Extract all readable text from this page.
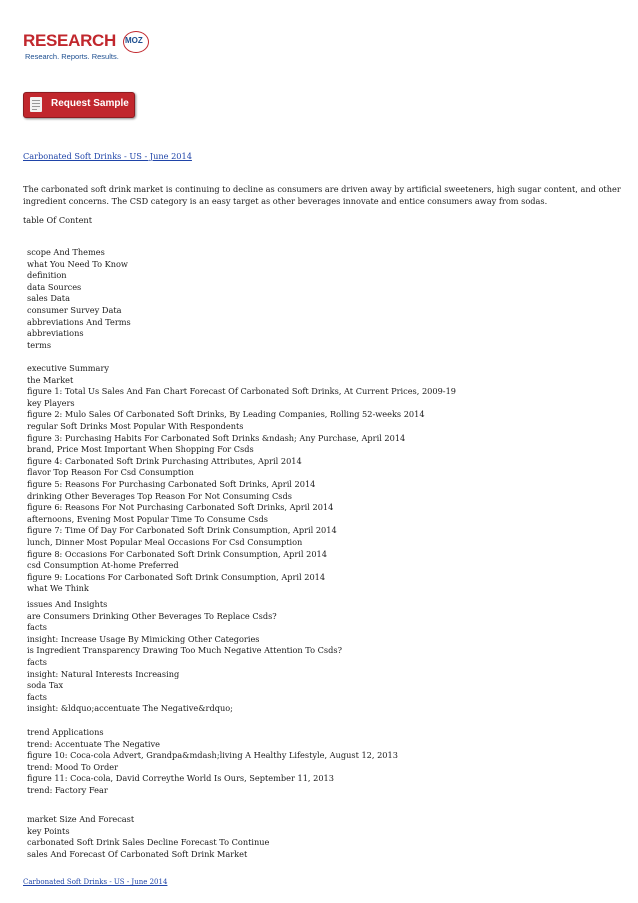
RESEARCH MOZ
Research. Reports. Results.
Request Sample
Carbonated Soft Drinks - US - June 2014
The carbonated soft drink market is continuing to decline as consumers are driven away by artificial sweeteners, high sugar content, and other ingredient concerns. The CSD category is an easy target as other beverages innovate and entice consumers away from sodas.
table Of Content
scope And Themes
what You Need To Know
definition
data Sources
sales Data
consumer Survey Data
abbreviations And Terms
abbreviations
terms
executive Summary
the Market
figure 1: Total Us Sales And Fan Chart Forecast Of Carbonated Soft Drinks, At Current Prices, 2009-19
key Players
figure 2: Mulo Sales Of Carbonated Soft Drinks, By Leading Companies, Rolling 52-weeks 2014
regular Soft Drinks Most Popular With Respondents
figure 3: Purchasing Habits For Carbonated Soft Drinks &ndash; Any Purchase, April 2014
brand, Price Most Important When Shopping For Csds
figure 4: Carbonated Soft Drink Purchasing Attributes, April 2014
flavor Top Reason For Csd Consumption
figure 5: Reasons For Purchasing Carbonated Soft Drinks, April 2014
drinking Other Beverages Top Reason For Not Consuming Csds
figure 6: Reasons For Not Purchasing Carbonated Soft Drinks, April 2014
afternoons, Evening Most Popular Time To Consume Csds
figure 7: Time Of Day For Carbonated Soft Drink Consumption, April 2014
lunch, Dinner Most Popular Meal Occasions For Csd Consumption
figure 8: Occasions For Carbonated Soft Drink Consumption, April 2014
csd Consumption At-home Preferred
figure 9: Locations For Carbonated Soft Drink Consumption, April 2014
what We Think
issues And Insights
are Consumers Drinking Other Beverages To Replace Csds?
facts
insight: Increase Usage By Mimicking Other Categories
is Ingredient Transparency Drawing Too Much Negative Attention To Csds?
facts
insight: Natural Interests Increasing
soda Tax
facts
insight: &ldquo;accentuate The Negative&rdquo;
trend Applications
trend: Accentuate The Negative
figure 10: Coca-cola Advert, Grandpa&mdash;living A Healthy Lifestyle, August 12, 2013
trend: Mood To Order
figure 11: Coca-cola, David Correythe World Is Ours, September 11, 2013
trend: Factory Fear
market Size And Forecast
key Points
carbonated Soft Drink Sales Decline Forecast To Continue
sales And Forecast Of Carbonated Soft Drink Market
Carbonated Soft Drinks - US - June 2014
